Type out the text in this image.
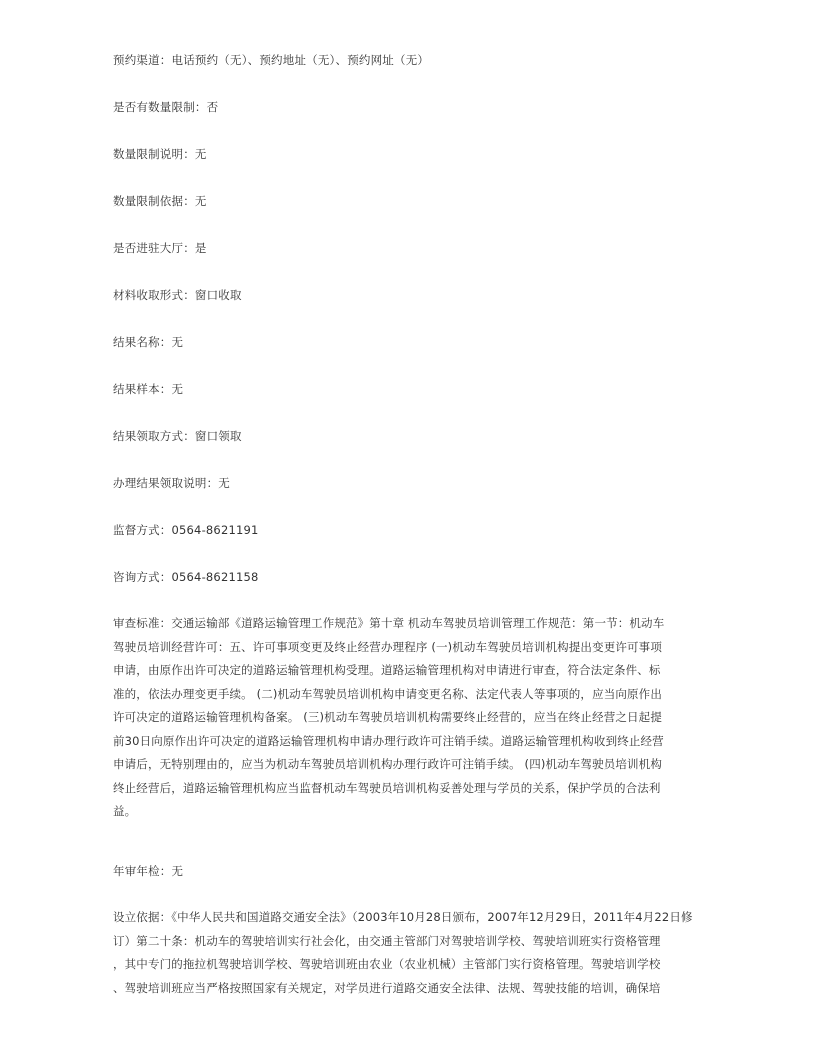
预约渠道：电话预约（无）、预约地址（无）、预约网址（无）
是否有数量限制：否
数量限制说明：无
数量限制依据：无
是否进驻大厅：是
材料收取形式：窗口收取
结果名称：无
结果样本：无
结果领取方式：窗口领取
办理结果领取说明：无
监督方式：0564-8621191
咨询方式：0564-8621158
审查标准：交通运输部《道路运输管理工作规范》第十章 机动车驾驶员培训管理工作规范：第一节：机动车
驾驶员培训经营许可：五、许可事项变更及终止经营办理程序 (一)机动车驾驶员培训机构提出变更许可事项
申请，由原作出许可决定的道路运输管理机构受理。道路运输管理机构对申请进行审查，符合法定条件、标
准的，依法办理变更手续。 (二)机动车驾驶员培训机构申请变更名称、法定代表人等事项的，应当向原作出
许可决定的道路运输管理机构备案。 (三)机动车驾驶员培训机构需要终止经营的，应当在终止经营之日起提
前30日向原作出许可决定的道路运输管理机构申请办理行政许可注销手续。道路运输管理机构收到终止经营
申请后，无特别理由的，应当为机动车驾驶员培训机构办理行政许可注销手续。 (四)机动车驾驶员培训机构
终止经营后，道路运输管理机构应当监督机动车驾驶员培训机构妥善处理与学员的关系，保护学员的合法利
益。
年审年检：无
设立依据：《中华人民共和国道路交通安全法》（2003年10月28日颁布，2007年12月29日，2011年4月22日修
订）第二十条：机动车的驾驶培训实行社会化，由交通主管部门对驾驶培训学校、驾驶培训班实行资格管理
，其中专门的拖拉机驾驶培训学校、驾驶培训班由农业（农业机械）主管部门实行资格管理。驾驶培训学校
、驾驶培训班应当严格按照国家有关规定，对学员进行道路交通安全法律、法规、驾驶技能的培训，确保培
